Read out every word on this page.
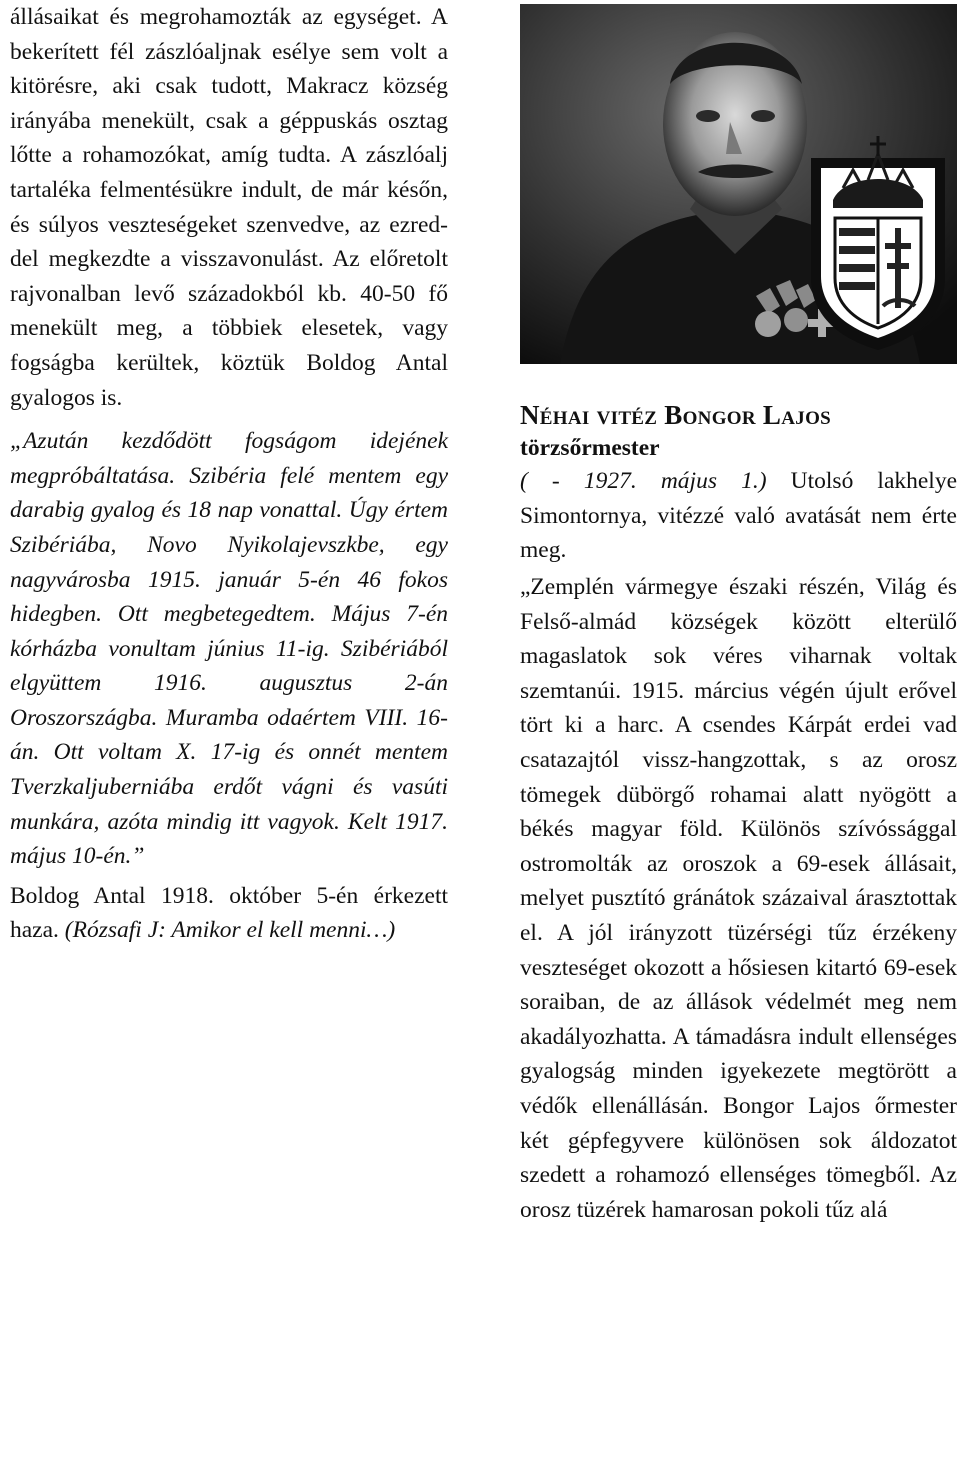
állásaikat és megrohamozták az egységet. A bekerített fél zászlóaljnak esélye sem volt a kitörésre, aki csak tudott, Makracz község irányába menekült, csak a géppuskás osztag lőtte a rohamozókat, amíg tudta. A zászlóalj tartaléka felmentésükre indult, de már későn, és súlyos veszteségeket szenvedve, az ezred-del megkezdte a visszavonulást. Az előretolt rajvonalban levő századokból kb. 40-50 fő menekült meg, a többiek elesetek, vagy fogságba kerültek, köztük Boldog Antal gyalogos is.

„Azután kezdődött fogságom idejének megpróbáltatása. Szibéria felé mentem egy darabig gyalog és 18 nap vonattal. Úgy értem Szibériába, Novo Nyikolajevszkbe, egy nagyvárosba 1915. január 5-én 46 fokos hidegben. Ott megbetegedtem. Május 7-én kórházba vonultam június 11-ig. Szibériából elgyüttem 1916. augusztus 2-án Oroszországba. Muramba odaértem VIII. 16-án. Ott voltam X. 17-ig és onnét mentem Tverzkaljuberniába erdőt vágni és vasúti munkára, azóta mindig itt vagyok. Kelt 1917. május 10-én.”

Boldog Antal 1918. október 5-én érkezett haza. (Rózsafi J: Amikor el kell menni…)

Néhai vitéz Bongor Lajos

törzsőrmester

( - 1927. május 1.) Utolsó lakhelye Simontornya, vitézzé való avatását nem érte meg.

„Zemplén vármegye északi részén, Világ és Felső-almád községek között elterülő magaslatok sok véres viharnak voltak szemtanúi. 1915. március végén újult erővel tört ki a harc. A csendes Kárpát erdei vad csatazajtól vissz-hangzottak, s az orosz tömegek dübörgő rohamai alatt nyögött a békés magyar föld. Különös szívóssággal ostromolták az oroszok a 69-esek állásait, melyet pusztító gránátok százaival árasztottak el. A jól irányzott tüzérségi tűz érzékeny veszteséget okozott a hősiesen kitartó 69-esek soraiban, de az állások védelmét meg nem akadályozhatta. A támadásra indult ellenséges gyalogság minden igyekezete megtörött a védők ellenállásán. Bongor Lajos őrmester két gépfegyvere különösen sok áldozatot szedett a rohamozó ellenséges tömegből. Az orosz tüzérek hamarosan pokoli tűz alá
